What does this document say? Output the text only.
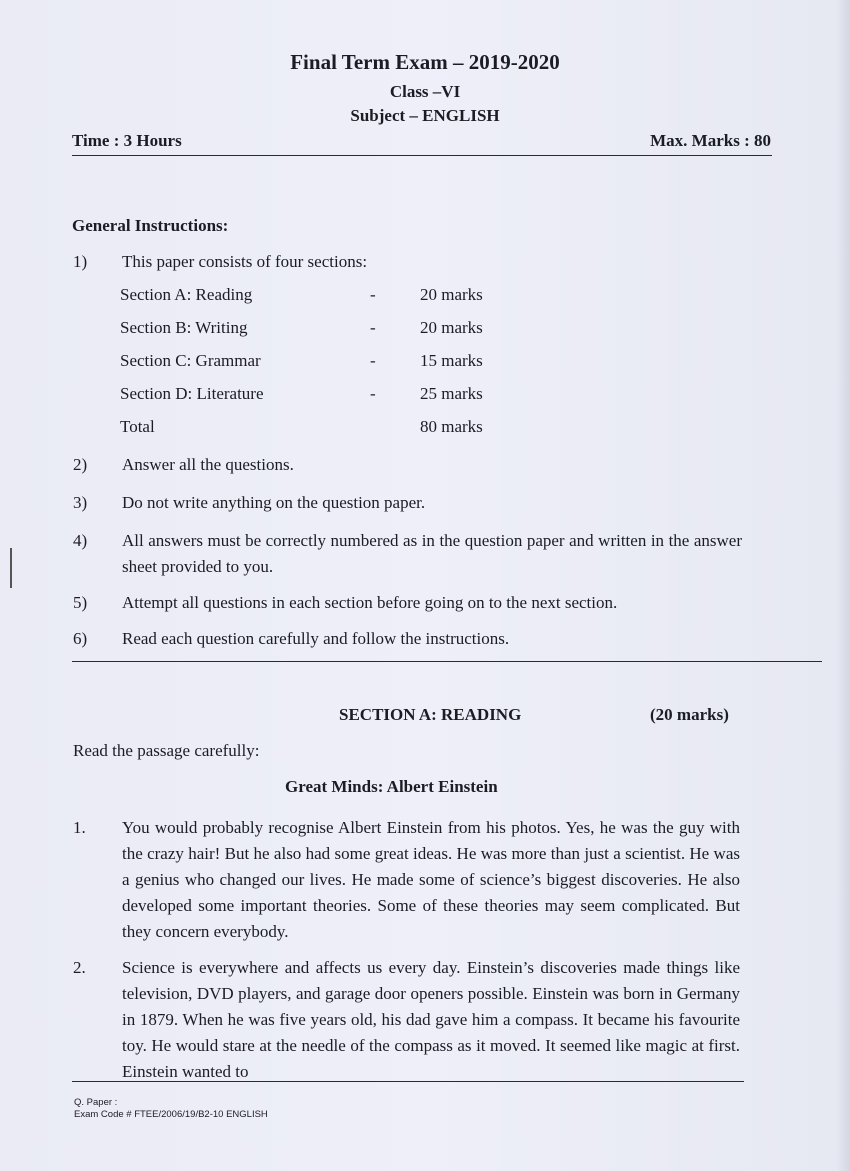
Final Term Exam – 2019-2020
Class –VI
Subject – ENGLISH
Time : 3 Hours	Max. Marks : 80
General Instructions:
1) This paper consists of four sections:
Section A: Reading	-	20 marks
Section B: Writing	-	20 marks
Section C: Grammar	-	15 marks
Section D: Literature	-	25 marks
Total	80 marks
2) Answer all the questions.
3) Do not write anything on the question paper.
4) All answers must be correctly numbered as in the question paper and written in the answer sheet provided to you.
5) Attempt all questions in each section before going on to the next section.
6) Read each question carefully and follow the instructions.
SECTION A: READING	(20 marks)
Read the passage carefully:
Great Minds: Albert Einstein
1. You would probably recognise Albert Einstein from his photos. Yes, he was the guy with the crazy hair! But he also had some great ideas. He was more than just a scientist. He was a genius who changed our lives. He made some of science’s biggest discoveries. He also developed some important theories. Some of these theories may seem complicated. But they concern everybody.
2. Science is everywhere and affects us every day. Einstein’s discoveries made things like television, DVD players, and garage door openers possible. Einstein was born in Germany in 1879. When he was five years old, his dad gave him a compass. It became his favourite toy. He would stare at the needle of the compass as it moved. It seemed like magic at first. Einstein wanted to
Q. Paper :
Exam Code # FTEE/2006/19/B2-10 ENGLISH
